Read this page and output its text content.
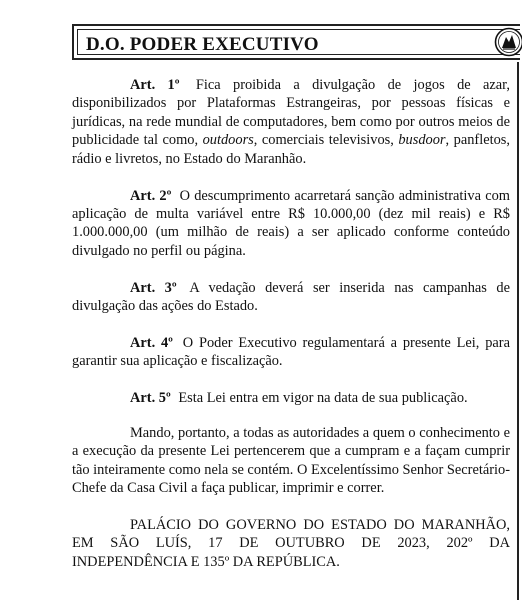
D.O. PODER EXECUTIVO

Art. 1º Fica proibida a divulgação de jogos de azar, disponibilizados por Plataformas Estrangeiras, por pessoas físicas e jurídicas, na rede mundial de computadores, bem como por outros meios de publicidade tal como, outdoors, comerciais televisivos, busdoor, panfletos, rádio e livretos, no Estado do Maranhão.

Art. 2º O descumprimento acarretará sanção administrativa com aplicação de multa variável entre R$ 10.000,00 (dez mil reais) e R$ 1.000.000,00 (um milhão de reais) a ser aplicado conforme conteúdo divulgado no perfil ou página.

Art. 3º A vedação deverá ser inserida nas campanhas de divulgação das ações do Estado.

Art. 4º O Poder Executivo regulamentará a presente Lei, para garantir sua aplicação e fiscalização.

Art. 5º Esta Lei entra em vigor na data de sua publicação.

Mando, portanto, a todas as autoridades a quem o conhecimento e a execução da presente Lei pertencerem que a cumpram e a façam cumprir tão inteiramente como nela se contém. O Excelentíssimo Senhor Secretário-Chefe da Casa Civil a faça publicar, imprimir e correr.

PALÁCIO DO GOVERNO DO ESTADO DO MARANHÃO, EM SÃO LUÍS, 17 DE OUTUBRO DE 2023, 202º DA INDEPENDÊNCIA E 135º DA REPÚBLICA.
